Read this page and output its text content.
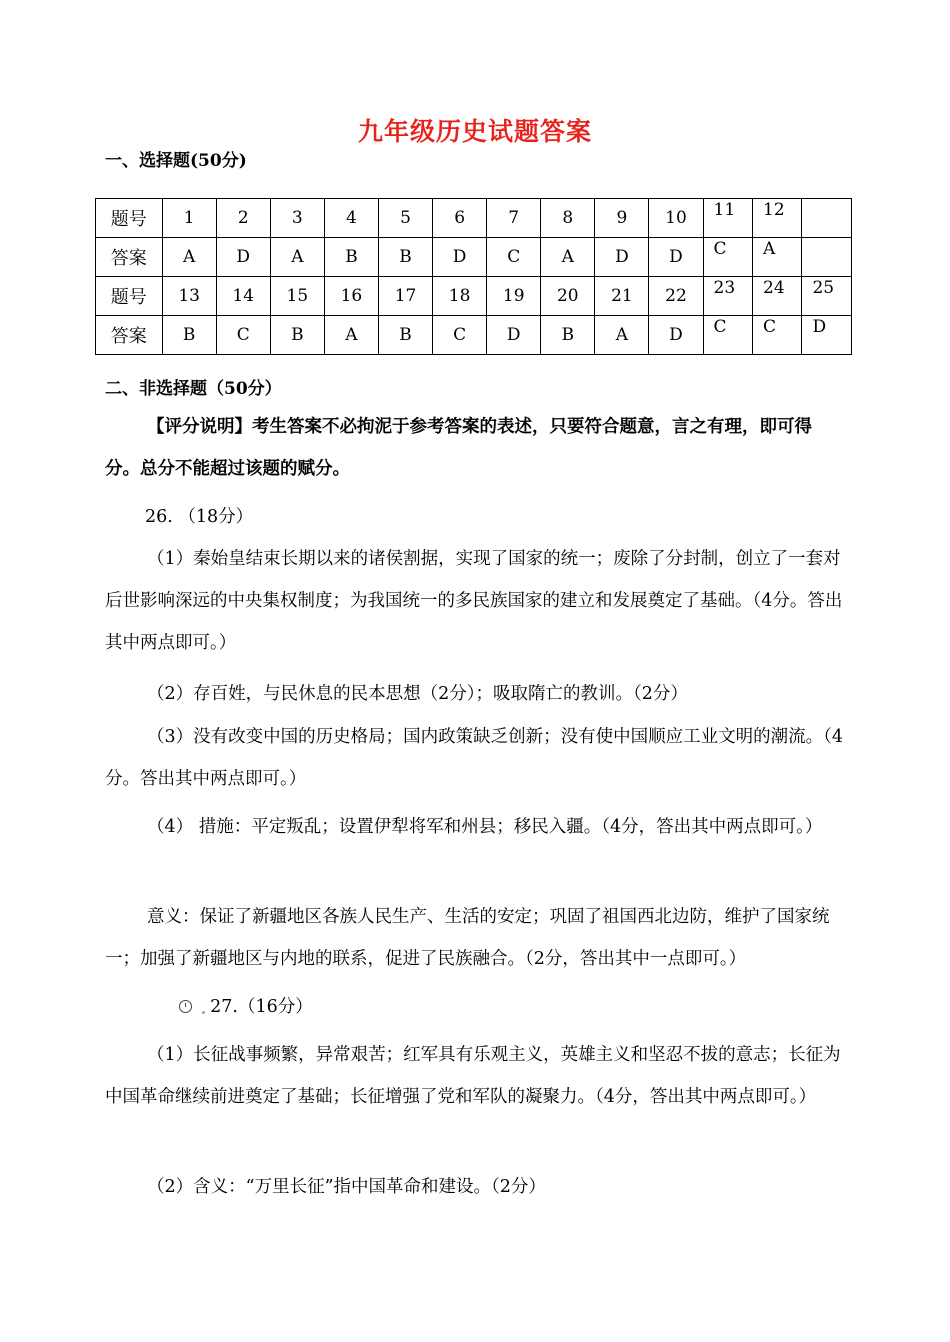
九年级历史试题答案
一、选择题(50分)
题号	1	2	3	4	5	6	7	8	9	10	11	12	
答案	A	D	A	B	B	D	C	A	D	D	C	A	
题号	13	14	15	16	17	18	19	20	21	22	23	24	25
答案	B	C	B	A	B	C	D	B	A	D	C	C	D
二、非选择题（50分）
【评分说明】考生答案不必拘泥于参考答案的表述，只要符合题意，言之有理，即可得分。总分不能超过该题的赋分。
26. （18分）
（1）秦始皇结束长期以来的诸侯割据，实现了国家的统一；废除了分封制，创立了一套对后世影响深远的中央集权制度；为我国统一的多民族国家的建立和发展奠定了基础。（4分。答出其中两点即可。）
（2）存百姓，与民休息的民本思想（2分）；吸取隋亡的教训。（2分）
（3）没有改变中国的历史格局；国内政策缺乏创新；没有使中国顺应工业文明的潮流。（4分。答出其中两点即可。）
（4） 措施：平定叛乱；设置伊犁将军和州县；移民入疆。（4分，答出其中两点即可。）
意义：保证了新疆地区各族人民生产、生活的安定；巩固了祖国西北边防，维护了国家统一；加强了新疆地区与内地的联系，促进了民族融合。（2分，答出其中一点即可。）
27.（16分）
（1）长征战事频繁，异常艰苦；红军具有乐观主义，英雄主义和坚忍不拔的意志；长征为中国革命继续前进奠定了基础；长征增强了党和军队的凝聚力。（4分，答出其中两点即可。）
（2）含义：“万里长征”指中国革命和建设。（2分）
